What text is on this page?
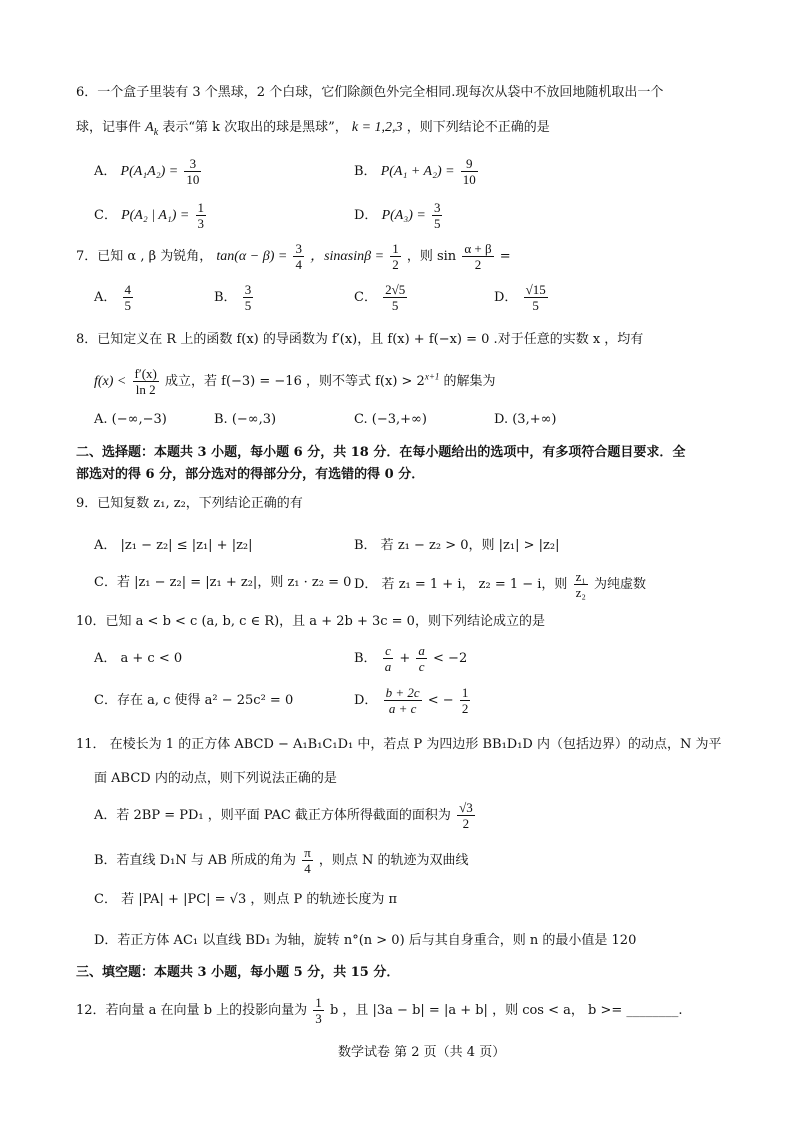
6．一个盒子里装有 3 个黑球，2 个白球，它们除颜色外完全相同.现每次从袋中不放回地随机取出一个
球，记事件 $A_k$ 表示“第 k 次取出的球是黑球”， k = 1,2,3 ，则下列结论不正确的是
A． $P(A_1A_2) = \frac{3}{10}$	B． $P(A_1 + A_2) = \frac{9}{10}$
C． P(A₂ | $A_1) = \frac{1}{3}$	D． $P(A_3) = \frac{3}{5}$
7．已知 α , β 为锐角， $\tan(\alpha - \beta) = \frac{3}{4}$ ，$\sin\alpha\sin\beta = \frac{1}{2}$ ，则 $\sin \frac{\alpha + \beta}{2}$ =
A． $\frac{4}{5}$	B． $\frac{3}{5}$	C． $\frac{2√5}{5}$	D． $\frac{√15}{5}$
8．已知定义在 R 上的函数 f(x) 的导函数为 f′(x)，且 f(x) + f(−x) = 0 .对于任意的实数 x ，均有
$f(x) < \frac{f'(x)}{\ln 2}$ 成立，若 f(−3) = −16 ，则不等式 $f(x) > 2^{x+1}$ 的解集为
A. (−∞,−3)	B. (−∞,3)	C. (−3,+∞)	D. (3,+∞)
二、选择题：本题共 3 小题，每小题 6 分，共 18 分．在每小题给出的选项中，有多项符合题目要求．全
部选对的得 6 分，部分选对的得部分分，有选错的得 0 分．
9．已知复数 z₁, z₂，下列结论正确的有
A． |z₁ − z₂| ≤ |z₁| + |z₂|	B． 若 z₁ − z₂ > 0，则 |z₁| > |z₂|
C．若 |z₁ − z₂| = |z₁ + z₂|，则 z₁ · z₂ = 0 D． 若 z₁ = 1 + i， z₂ = 1 − i，则 $\frac{\text{z₁}}{\text{z₂}}$ 为纯虚数
10．已知 a < b < c (a, b, c ∈ R)，且 a + 2b + 3c = 0，则下列结论成立的是
A． a + c < 0	B． $\frac{c}{a} + \frac{a}{c} < -2$
C．存在 a, c 使得 a² − 25c² = 0	D． $\frac{b + 2c}{a + c}$ < − $\frac{1}{2}$
11． 在棱长为 1 的正方体 ABCD − A₁B₁C₁D₁ 中，若点 P 为四边形 BB₁D₁D 内（包括边界）的动点，N 为平
面 ABCD 内的动点，则下列说法正确的是
A．若 2BP = PD₁ ，则平面 PAC 截正方体所得截面的面积为 $\frac{√3}{2}$
B．若直线 D₁N 与 AB 所成的角为 $\frac{\pi}{4}$ ，则点 N 的轨迹为双曲线
C． 若 |PA| + |PC| = √3 ，则点 P 的轨迹长度为 π
D．若正方体 AC₁ 以直线 BD₁ 为轴，旋转 n°(n > 0) 后与其自身重合，则 n 的最小值是 120
三、填空题：本题共 3 小题，每小题 5 分，共 15 分．
12．若向量 a 在向量 b 上的投影向量为 $\frac{1}{3}$ b ，且 |3a − b| = |a + b| ，则 cos < a， b >= ________.
数学试卷 第 2 页（共 4 页）
